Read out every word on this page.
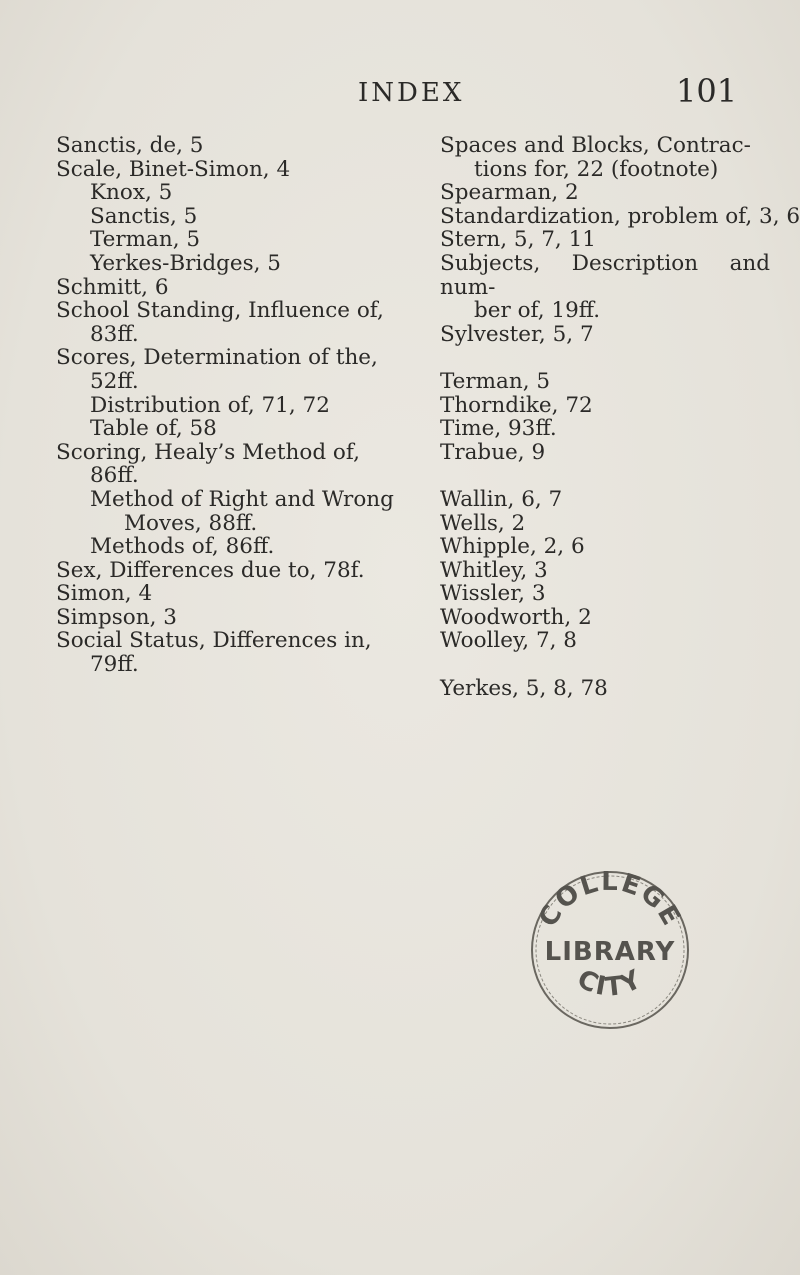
INDEX	101
Sanctis, de, 5
Scale, Binet-Simon, 4
Knox, 5
Sanctis, 5
Terman, 5
Yerkes-Bridges, 5
Schmitt, 6
School Standing, Influence of,
83ff.
Scores, Determination of the,
52ff.
Distribution of, 71, 72
Table of, 58
Scoring, Healy’s Method of,
86ff.
Method of Right and Wrong
Moves, 88ff.
Methods of, 86ff.
Sex, Differences due to, 78f.
Simon, 4
Simpson, 3
Social Status, Differences in,
79ff.
Spaces and Blocks, Contrac-
tions for, 22 (footnote)
Spearman, 2
Standardization, problem of, 3, 6
Stern, 5, 7, 11
Subjects, Description and num-
ber of, 19ff.
Sylvester, 5, 7
Terman, 5
Thorndike, 72
Time, 93ff.
Trabue, 9
Wallin, 6, 7
Wells, 2
Whipple, 2, 6
Whitley, 3
Wissler, 3
Woodworth, 2
Woolley, 7, 8
Yerkes, 5, 8, 78
COLLEGE
LIBRARY
CITY
